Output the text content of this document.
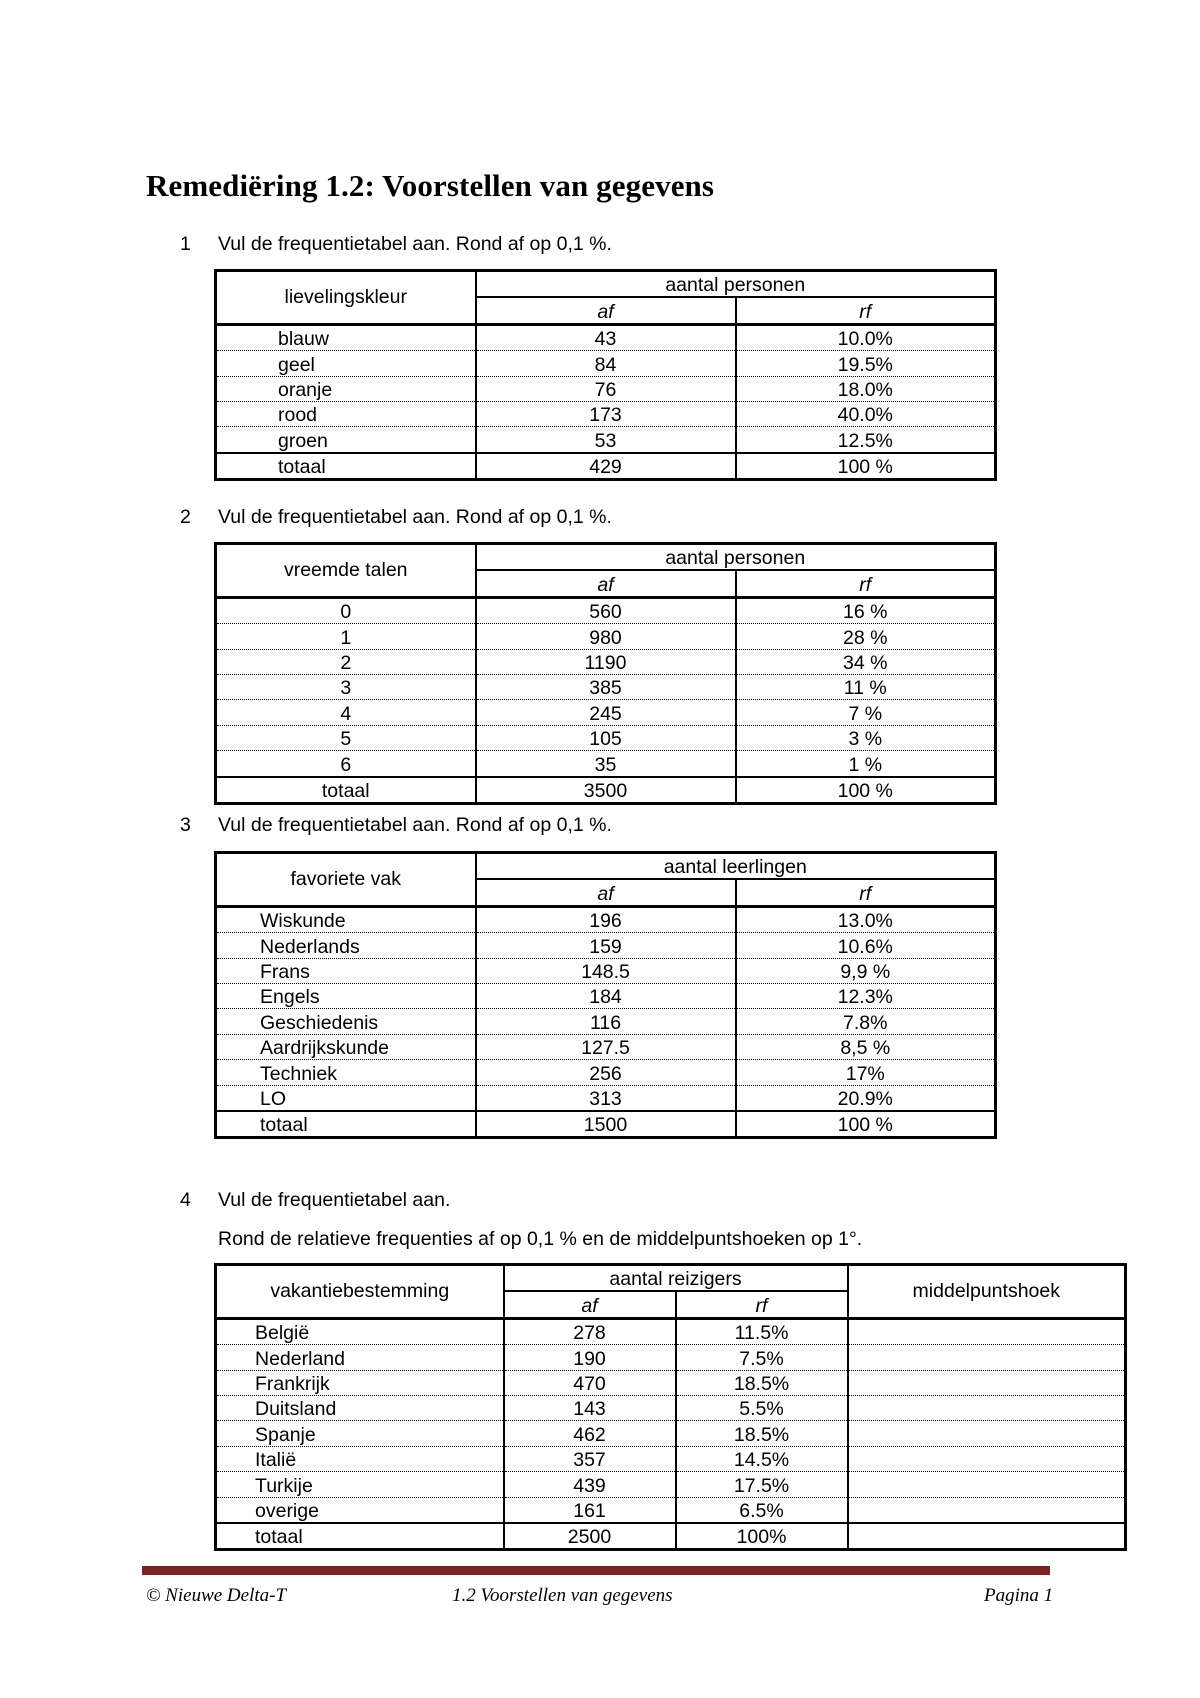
Remediëring 1.2: Voorstellen van gegevens
1 Vul de frequentietabel aan. Rond af op 0,1 %.
lievelingskleur	aantal personen	
	af	rf
blauw	43	10.0%
geel	84	19.5%
oranje	76	18.0%
rood	173	40.0%
groen	53	12.5%
totaal	429	100 %
2 Vul de frequentietabel aan. Rond af op 0,1 %.
vreemde talen	aantal personen	
	af	rf
0	560	16 %
1	980	28 %
2	1190	34 %
3	385	11 %
4	245	7 %
5	105	3 %
6	35	1 %
totaal	3500	100 %
3 Vul de frequentietabel aan. Rond af op 0,1 %.
favoriete vak	aantal leerlingen	
	af	rf
Wiskunde	196	13.0%
Nederlands	159	10.6%
Frans	148.5	9,9 %
Engels	184	12.3%
Geschiedenis	116	7.8%
Aardrijkskunde	127.5	8,5 %
Techniek	256	17%
LO	313	20.9%
totaal	1500	100 %
4 Vul de frequentietabel aan.
Rond de relatieve frequenties af op 0,1 % en de middelpuntshoeken op 1°.
vakantiebestemming	aantal reizigers		middelpuntshoek
	af	rf	
België	278	11.5%	
Nederland	190	7.5%	
Frankrijk	470	18.5%	
Duitsland	143	5.5%	
Spanje	462	18.5%	
Italië	357	14.5%	
Turkije	439	17.5%	
overige	161	6.5%	
totaal	2500	100%	
© Nieuwe Delta-T	1.2 Voorstellen van gegevens	Pagina 1
